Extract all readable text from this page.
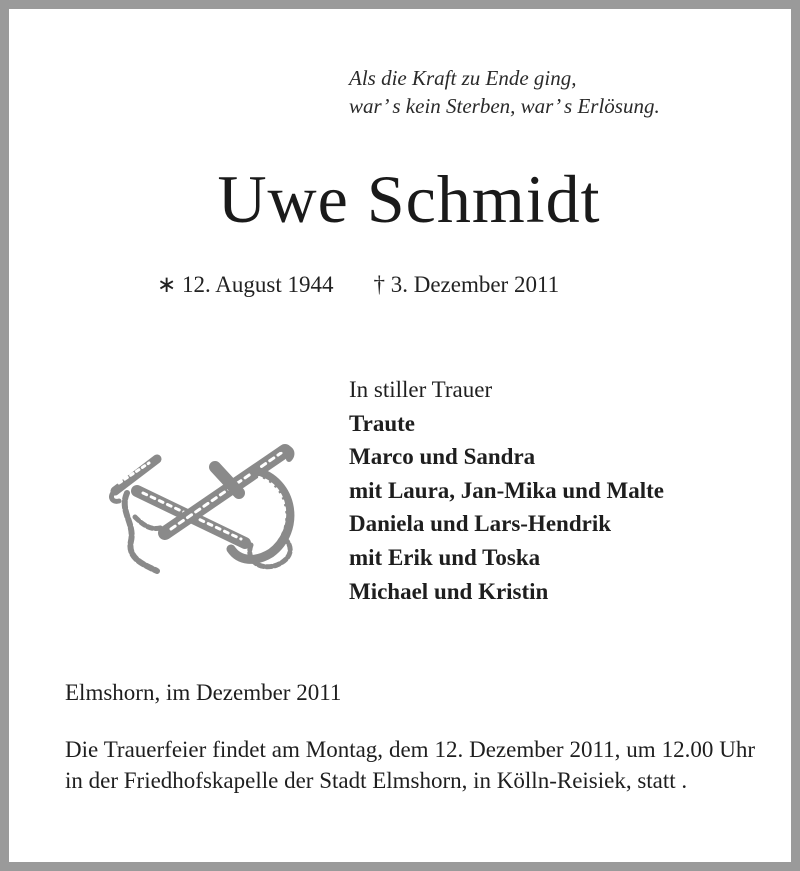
Als die Kraft zu Ende ging,
war’ s kein Sterben, war’ s Erlösung.
Uwe Schmidt
∗ 12. August 1944 † 3. Dezember 2011
In stiller Trauer
Traute
Marco und Sandra
mit Laura, Jan-Mika und Malte
Daniela und Lars-Hendrik
mit Erik und Toska
Michael und Kristin
Elmshorn, im Dezember 2011
Die Trauerfeier findet am Montag, dem 12. Dezember 2011, um 12.00 Uhr in der Friedhofskapelle der Stadt Elmshorn, in Kölln-Reisiek, statt .
